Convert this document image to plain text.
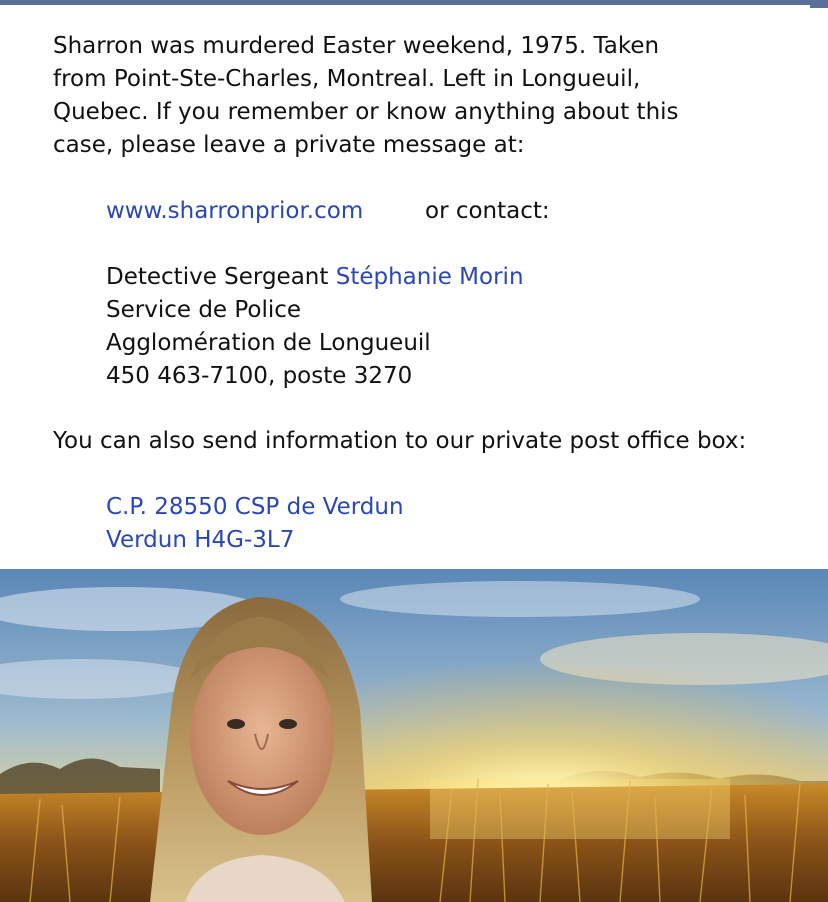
Sharron was murdered Easter weekend, 1975. Taken
from Point-Ste-Charles, Montreal. Left in Longueuil,
Quebec. If you remember or know anything about this
case, please leave a private message at:
www.sharronprior.com	or contact:
Detective Sergeant Stéphanie Morin
Service de Police
Agglomération de Longueuil
450 463-7100, poste 3270
You can also send information to our private post office box:
C.P. 28550 CSP de Verdun
Verdun H4G-3L7
